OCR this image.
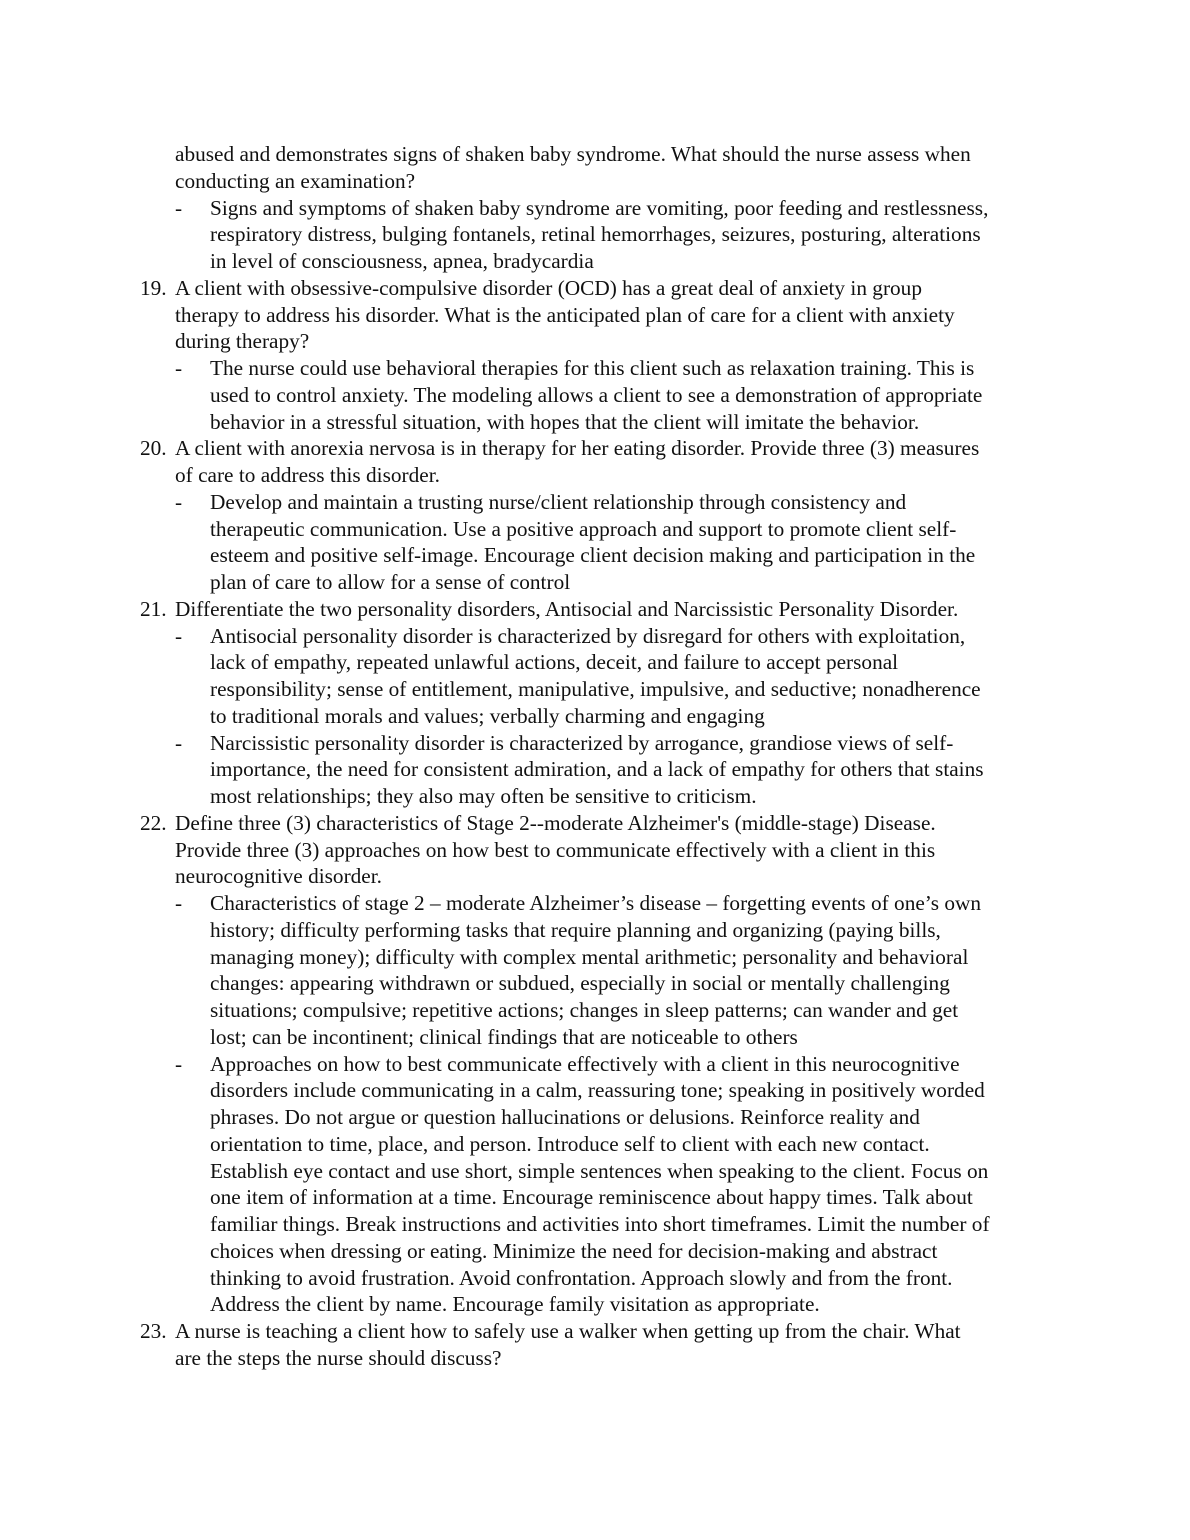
abused and demonstrates signs of shaken baby syndrome. What should the nurse assess when
conducting an examination?
- Signs and symptoms of shaken baby syndrome are vomiting, poor feeding and restlessness,
respiratory distress, bulging fontanels, retinal hemorrhages, seizures, posturing, alterations
in level of consciousness, apnea, bradycardia
19. A client with obsessive-compulsive disorder (OCD) has a great deal of anxiety in group
therapy to address his disorder. What is the anticipated plan of care for a client with anxiety
during therapy?
- The nurse could use behavioral therapies for this client such as relaxation training. This is
used to control anxiety. The modeling allows a client to see a demonstration of appropriate
behavior in a stressful situation, with hopes that the client will imitate the behavior.
20. A client with anorexia nervosa is in therapy for her eating disorder. Provide three (3) measures
of care to address this disorder.
- Develop and maintain a trusting nurse/client relationship through consistency and
therapeutic communication. Use a positive approach and support to promote client self-
esteem and positive self-image. Encourage client decision making and participation in the
plan of care to allow for a sense of control
21. Differentiate the two personality disorders, Antisocial and Narcissistic Personality Disorder.
- Antisocial personality disorder is characterized by disregard for others with exploitation,
lack of empathy, repeated unlawful actions, deceit, and failure to accept personal
responsibility; sense of entitlement, manipulative, impulsive, and seductive; nonadherence
to traditional morals and values; verbally charming and engaging
- Narcissistic personality disorder is characterized by arrogance, grandiose views of self-
importance, the need for consistent admiration, and a lack of empathy for others that stains
most relationships; they also may often be sensitive to criticism.
22. Define three (3) characteristics of Stage 2--moderate Alzheimer's (middle-stage) Disease.
Provide three (3) approaches on how best to communicate effectively with a client in this
neurocognitive disorder.
- Characteristics of stage 2 – moderate Alzheimer’s disease – forgetting events of one’s own
history; difficulty performing tasks that require planning and organizing (paying bills,
managing money); difficulty with complex mental arithmetic; personality and behavioral
changes: appearing withdrawn or subdued, especially in social or mentally challenging
situations; compulsive; repetitive actions; changes in sleep patterns; can wander and get
lost; can be incontinent; clinical findings that are noticeable to others
- Approaches on how to best communicate effectively with a client in this neurocognitive
disorders include communicating in a calm, reassuring tone; speaking in positively worded
phrases. Do not argue or question hallucinations or delusions. Reinforce reality and
orientation to time, place, and person. Introduce self to client with each new contact.
Establish eye contact and use short, simple sentences when speaking to the client. Focus on
one item of information at a time. Encourage reminiscence about happy times. Talk about
familiar things. Break instructions and activities into short timeframes. Limit the number of
choices when dressing or eating. Minimize the need for decision-making and abstract
thinking to avoid frustration. Avoid confrontation. Approach slowly and from the front.
Address the client by name. Encourage family visitation as appropriate.
23. A nurse is teaching a client how to safely use a walker when getting up from the chair. What
are the steps the nurse should discuss?
